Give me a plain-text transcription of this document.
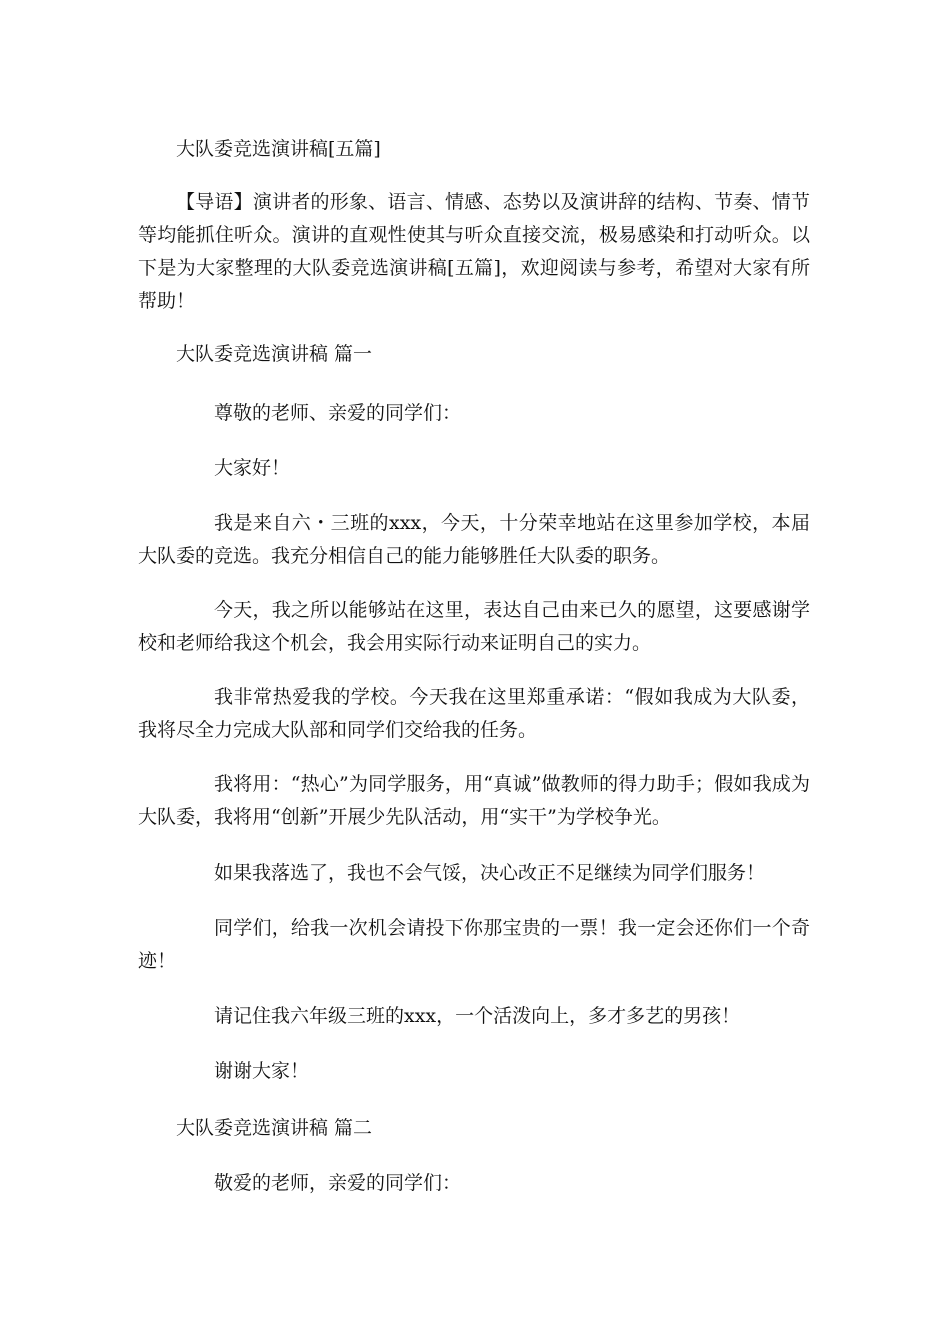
大队委竞选演讲稿[五篇]

【导语】演讲者的形象、语言、情感、态势以及演讲辞的结构、节奏、情节等均能抓住听众。演讲的直观性使其与听众直接交流，极易感染和打动听众。以下是为大家整理的大队委竞选演讲稿[五篇]，欢迎阅读与参考，希望对大家有所帮助！

大队委竞选演讲稿 篇一

尊敬的老师、亲爱的同学们：

大家好！

我是来自六・三班的xxx，今天，十分荣幸地站在这里参加学校，本届大队委的竞选。我充分相信自己的能力能够胜任大队委的职务。

今天，我之所以能够站在这里，表达自己由来已久的愿望，这要感谢学校和老师给我这个机会，我会用实际行动来证明自己的实力。

我非常热爱我的学校。今天我在这里郑重承诺：“假如我成为大队委，我将尽全力完成大队部和同学们交给我的任务。

我将用：“热心”为同学服务，用“真诚”做教师的得力助手；假如我成为大队委，我将用“创新”开展少先队活动，用“实干”为学校争光。

如果我落选了，我也不会气馁，决心改正不足继续为同学们服务！

同学们，给我一次机会请投下你那宝贵的一票！我一定会还你们一个奇迹！

请记住我六年级三班的xxx，一个活泼向上，多才多艺的男孩！

谢谢大家！

大队委竞选演讲稿 篇二

敬爱的老师，亲爱的同学们：
